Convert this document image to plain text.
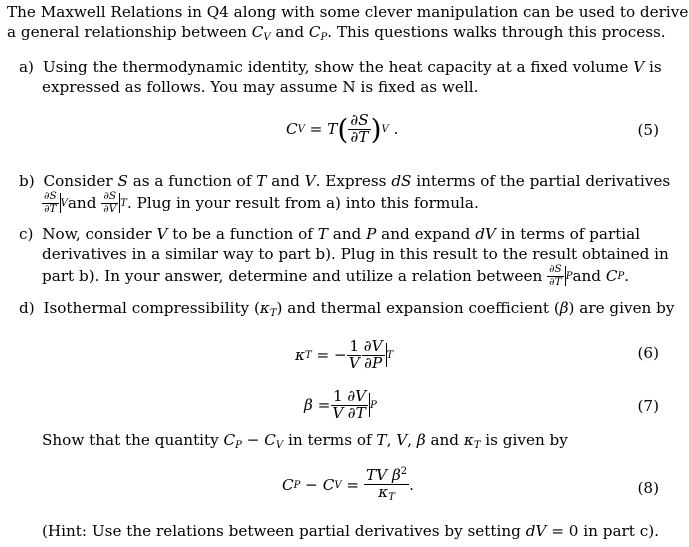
The Maxwell Relations in Q4 along with some clever manipulation can be used to derive
a general relationship between $C_V$ and $C_P$. This questions walks through this process.
a) Using the thermodynamic identity, show the heat capacity at a fixed volume V is
expressed as follows. You may assume N is fixed as well.
C V = T ( $\frac{\partial S}{\partial T}$ ) V .	(5)
b) Consider S as a function of T and V. Express dS interms of the partial derivatives
$\frac{\partial S}{\partial T}$ V and
$\frac{\partial S}{\partial V}$ T . Plug in your result from a) into this formula.
c) Now, consider V to be a function of T and P and expand dV in terms of partial
derivatives in a similar way to part b). Plug in this result to the result obtained in
part b). In your answer, determine and utilize a relation between
$\frac{\partial S}{\partial T}$ P and
C P .
d) Isothermal compressibility $(\kappa_T)$ and thermal expansion coefficient (β) are given by
κ T = − $\frac{1}{V} \frac{\partial V}{\partial P}$ T	(6)
$\beta = \frac{1}{V} \frac{\partial V}{\partial T}$ P	(7)
Show that the quantity $C_P - C_V$ in terms of T, V, β and $\kappa_T$ is given by
C P − C $V = \frac{TV \beta^2}{\kappa_T}$ .	(8)
(Hint: Use the relations between partial derivatives by setting dV = 0 in part c).
